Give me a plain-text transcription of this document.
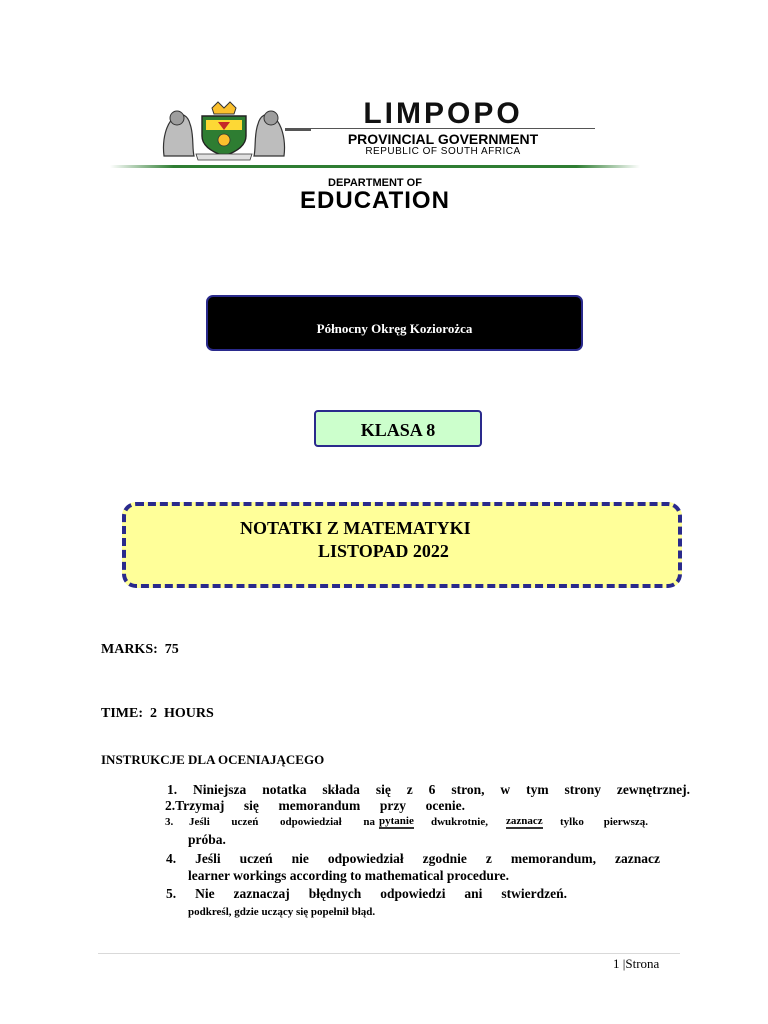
LIMPOPO
PROVINCIAL GOVERNMENT
REPUBLIC OF SOUTH AFRICA
DEPARTMENT OF
EDUCATION
Północny Okręg Koziorożca
KLASA 8
NOTATKI Z MATEMATYKI
LISTOPAD 2022
MARKS:  75
TIME:  2  HOURS
INSTRUKCJE DLA OCENIAJĄCEGO
1. Niniejsza notatka składa się z 6 stron, w tym strony zewnętrznej.
2.Trzymaj się memorandum przy ocenie.
3. Jeśli uczeń odpowiedział na pytanie dwukrotnie, zaznacz tylko pierwszą.
próba.
4. Jeśli uczeń nie odpowiedział zgodnie z memorandum, zaznacz
learner workings according to mathematical procedure.
5. Nie zaznaczaj błędnych odpowiedzi ani stwierdzeń.
podkreśl, gdzie uczący się popełnił błąd.
1 |Strona
